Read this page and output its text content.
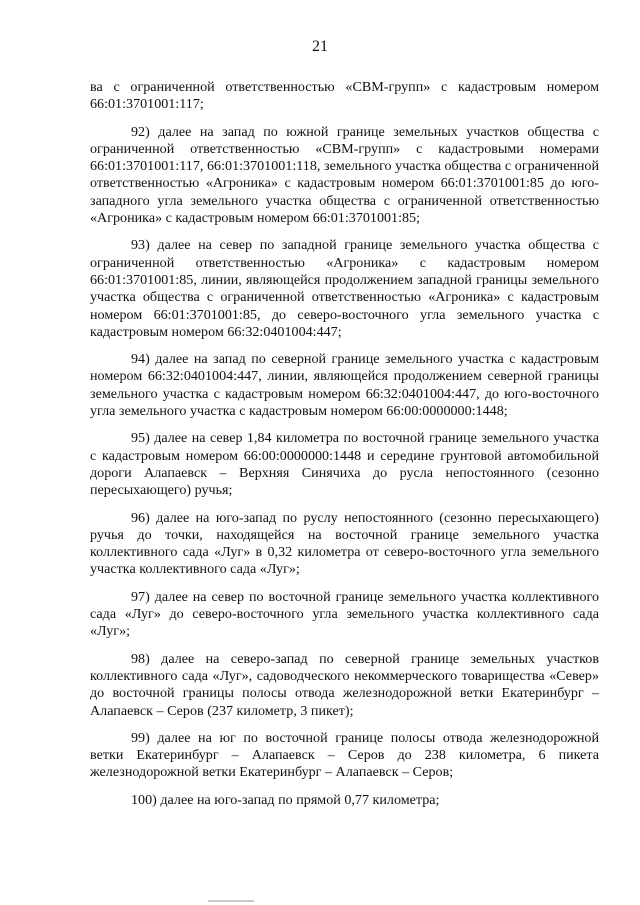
21

ва с ограниченной ответственностью «СВМ-групп» с кадастровым номером 66:01:3701001:117;

92) далее на запад по южной границе земельных участков общества с ограниченной ответственностью «СВМ-групп» с кадастровыми номерами 66:01:3701001:117, 66:01:3701001:118, земельного участка общества с ограниченной ответственностью «Агроника» с кадастровым номером 66:01:3701001:85 до юго-западного угла земельного участка общества с ограниченной ответственностью «Агроника» с кадастровым номером 66:01:3701001:85;

93) далее на север по западной границе земельного участка общества с ограниченной ответственностью «Агроника» с кадастровым номером 66:01:3701001:85, линии, являющейся продолжением западной границы земельного участка общества с ограниченной ответственностью «Агроника» с кадастровым номером 66:01:3701001:85, до северо-восточного угла земельного участка с кадастровым номером 66:32:0401004:447;

94) далее на запад по северной границе земельного участка с кадастровым номером 66:32:0401004:447, линии, являющейся продолжением северной границы земельного участка с кадастровым номером 66:32:0401004:447, до юго-восточного угла земельного участка с кадастровым номером 66:00:0000000:1448;

95) далее на север 1,84 километра по восточной границе земельного участка с кадастровым номером 66:00:0000000:1448 и середине грунтовой автомобильной дороги Алапаевск – Верхняя Синячиха до русла непостоянного (сезонно пересыхающего) ручья;

96) далее на юго-запад по руслу непостоянного (сезонно пересыхающего) ручья до точки, находящейся на восточной границе земельного участка коллективного сада «Луг» в 0,32 километра от северо-восточного угла земельного участка коллективного сада «Луг»;

97) далее на север по восточной границе земельного участка коллективного сада «Луг» до северо-восточного угла земельного участка коллективного сада «Луг»;

98) далее на северо-запад по северной границе земельных участков коллективного сада «Луг», садоводческого некоммерческого товарищества «Север» до восточной границы полосы отвода железнодорожной ветки Екатеринбург – Алапаевск – Серов (237 километр, 3 пикет);

99) далее на юг по восточной границе полосы отвода железнодорожной ветки Екатеринбург – Алапаевск – Серов до 238 километра, 6 пикета железнодорожной ветки Екатеринбург – Алапаевск – Серов;

100) далее на юго-запад по прямой 0,77 километра;
